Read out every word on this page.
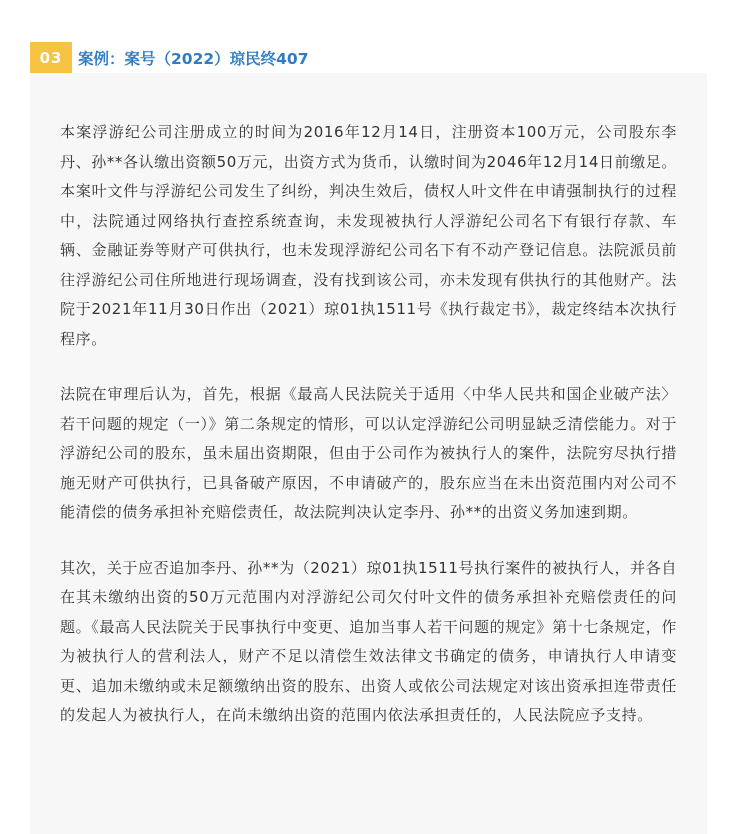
03	案例：案号（2022）琼民终407

本案浮游纪公司注册成立的时间为2016年12月14日，注册资本100万元，公司股东李丹、孙**各认缴出资额50万元，出资方式为货币，认缴时间为2046年12月14日前缴足。本案叶文件与浮游纪公司发生了纠纷，判决生效后，债权人叶文件在申请强制执行的过程中，法院通过网络执行查控系统查询，未发现被执行人浮游纪公司名下有银行存款、车辆、金融证券等财产可供执行，也未发现浮游纪公司名下有不动产登记信息。法院派员前往浮游纪公司住所地进行现场调查，没有找到该公司，亦未发现有供执行的其他财产。法院于2021年11月30日作出（2021）琼01执1511号《执行裁定书》，裁定终结本次执行程序。

法院在审理后认为，首先，根据《最高人民法院关于适用〈中华人民共和国企业破产法〉若干问题的规定（一）》第二条规定的情形，可以认定浮游纪公司明显缺乏清偿能力。对于浮游纪公司的股东，虽未届出资期限，但由于公司作为被执行人的案件，法院穷尽执行措施无财产可供执行，已具备破产原因，不申请破产的，股东应当在未出资范围内对公司不能清偿的债务承担补充赔偿责任，故法院判决认定李丹、孙**的出资义务加速到期。

其次，关于应否追加李丹、孙**为（2021）琼01执1511号执行案件的被执行人，并各自在其未缴纳出资的50万元范围内对浮游纪公司欠付叶文件的债务承担补充赔偿责任的问题。《最高人民法院关于民事执行中变更、追加当事人若干问题的规定》第十七条规定，作为被执行人的营利法人，财产不足以清偿生效法律文书确定的债务，申请执行人申请变更、追加未缴纳或未足额缴纳出资的股东、出资人或依公司法规定对该出资承担连带责任的发起人为被执行人，在尚未缴纳出资的范围内依法承担责任的，人民法院应予支持。
